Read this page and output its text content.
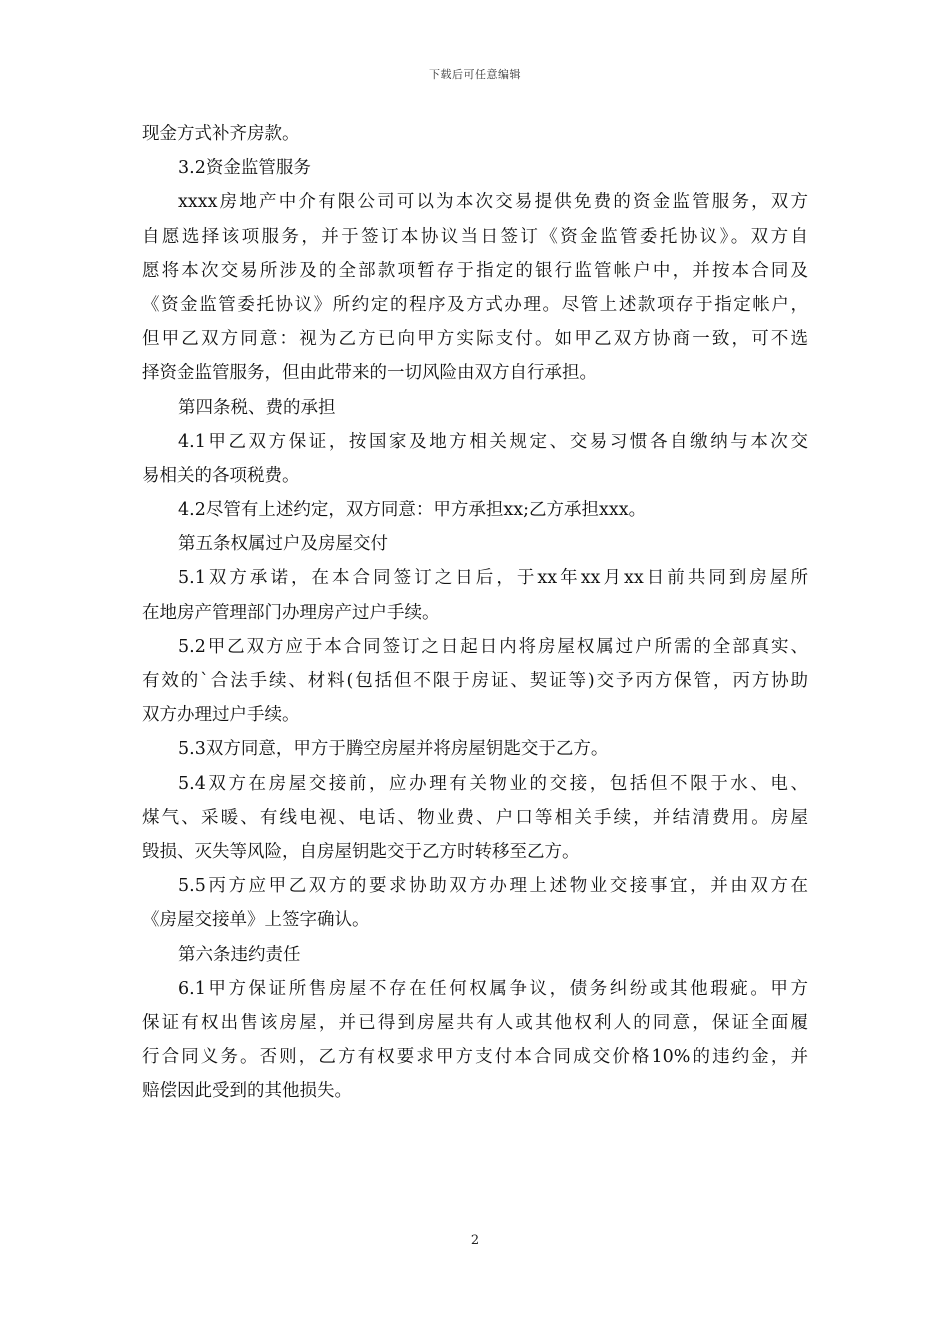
下载后可任意编辑
现金方式补齐房款。
3.2资金监管服务
xxxx房地产中介有限公司可以为本次交易提供免费的资金监管服务，双方
自愿选择该项服务，并于签订本协议当日签订《资金监管委托协议》。双方自
愿将本次交易所涉及的全部款项暂存于指定的银行监管帐户中，并按本合同及
《资金监管委托协议》所约定的程序及方式办理。尽管上述款项存于指定帐户，
但甲乙双方同意：视为乙方已向甲方实际支付。如甲乙双方协商一致，可不选
择资金监管服务，但由此带来的一切风险由双方自行承担。
第四条税、费的承担
4.1甲乙双方保证，按国家及地方相关规定、交易习惯各自缴纳与本次交
易相关的各项税费。
4.2尽管有上述约定，双方同意：甲方承担xx;乙方承担xxx。
第五条权属过户及房屋交付
5.1双方承诺，在本合同签订之日后，于xx年xx月xx日前共同到房屋所
在地房产管理部门办理房产过户手续。
5.2甲乙双方应于本合同签订之日起日内将房屋权属过户所需的全部真实、
有效的`合法手续、材料(包括但不限于房证、契证等)交予丙方保管，丙方协助
双方办理过户手续。
5.3双方同意，甲方于腾空房屋并将房屋钥匙交于乙方。
5.4双方在房屋交接前，应办理有关物业的交接，包括但不限于水、电、
煤气、采暖、有线电视、电话、物业费、户口等相关手续，并结清费用。房屋
毁损、灭失等风险，自房屋钥匙交于乙方时转移至乙方。
5.5丙方应甲乙双方的要求协助双方办理上述物业交接事宜，并由双方在
《房屋交接单》上签字确认。
第六条违约责任
6.1甲方保证所售房屋不存在任何权属争议，债务纠纷或其他瑕疵。甲方
保证有权出售该房屋，并已得到房屋共有人或其他权利人的同意，保证全面履
行合同义务。否则，乙方有权要求甲方支付本合同成交价格10%的违约金，并
赔偿因此受到的其他损失。
2
